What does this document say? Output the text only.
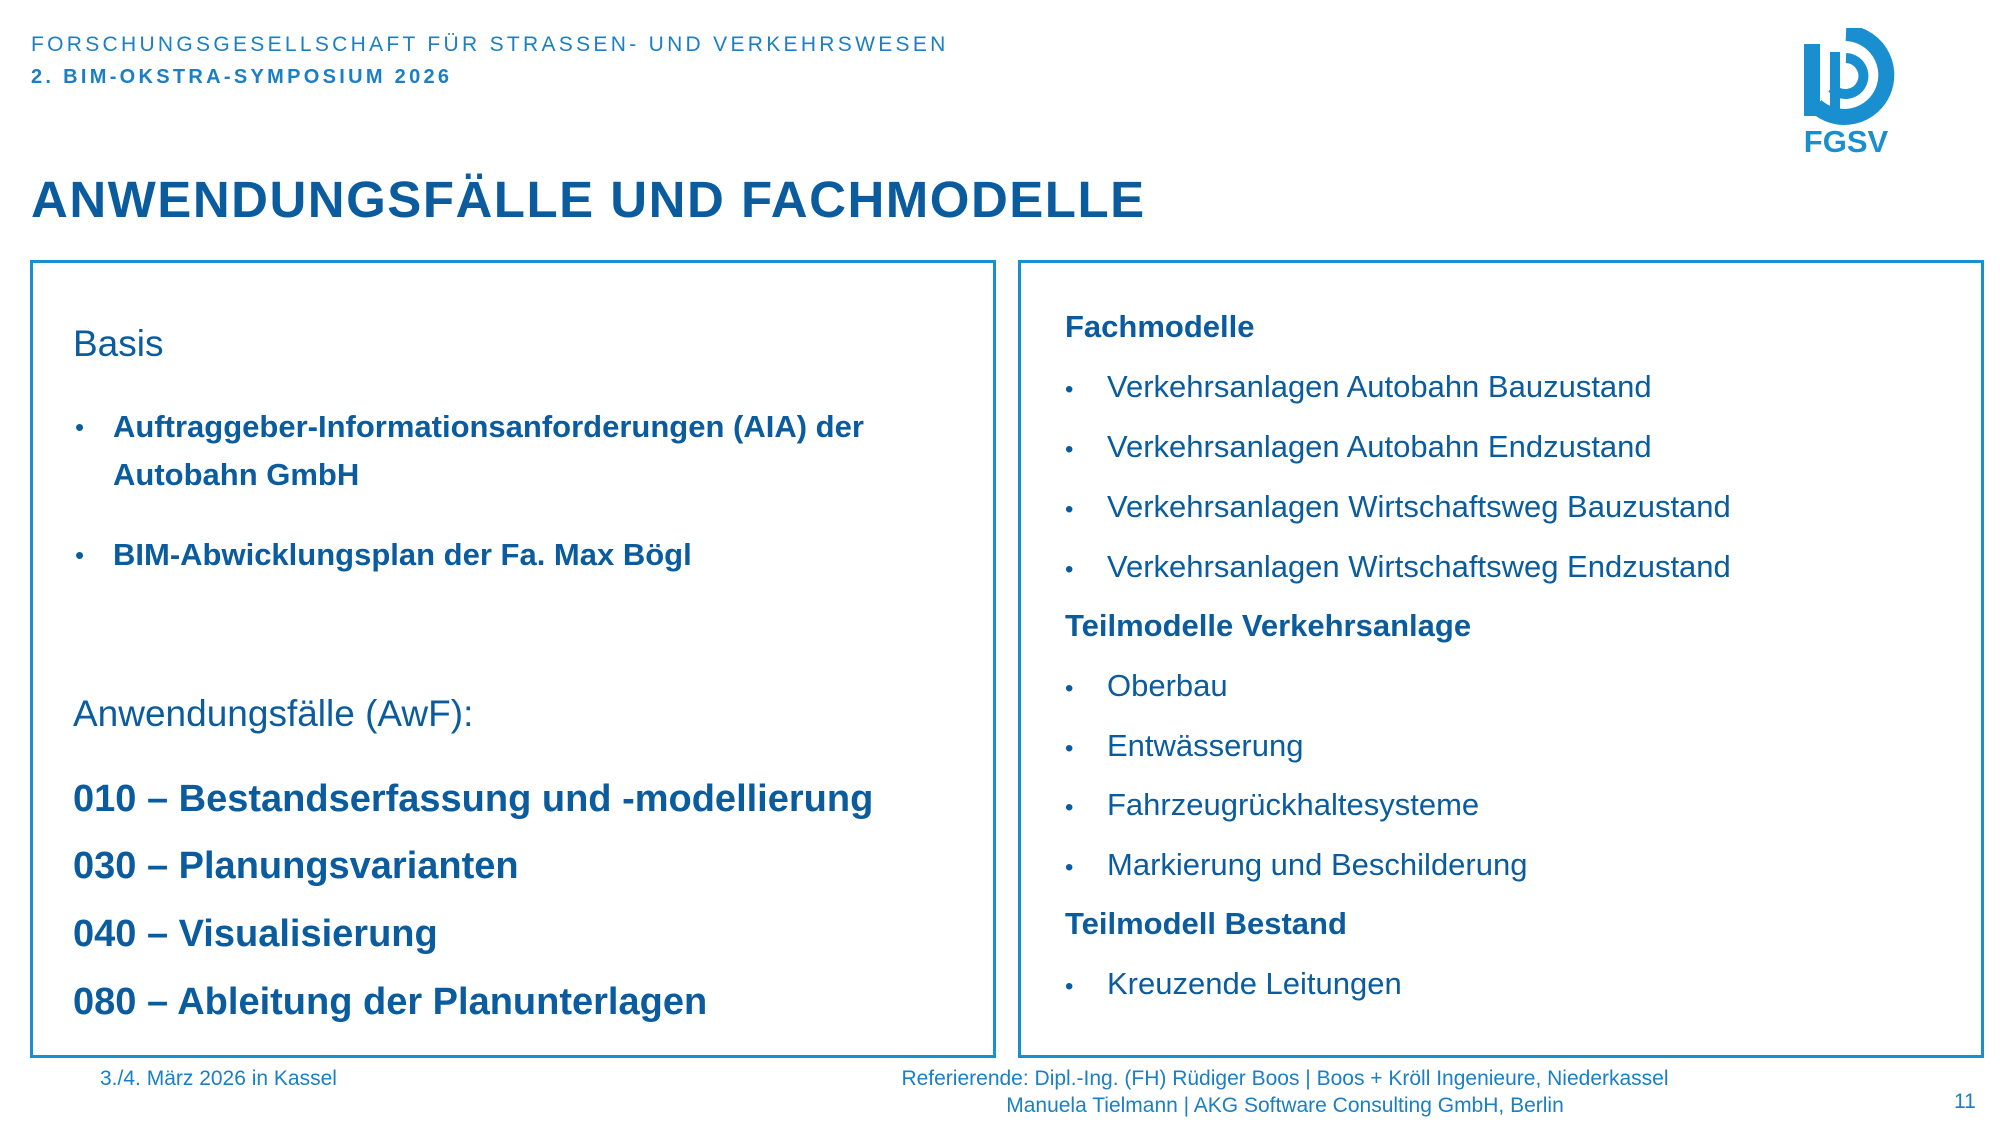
FORSCHUNGSGESELLSCHAFT FÜR STRASSEN- UND VERKEHRSWESEN
2. BIM-OKSTRA-SYMPOSIUM 2026
FGSV
ANWENDUNGSFÄLLE UND FACHMODELLE
Basis
• Auftraggeber-Informationsanforderungen (AIA) der Autobahn GmbH
• BIM-Abwicklungsplan der Fa. Max Bögl
Anwendungsfälle (AwF):
010 – Bestandserfassung und -modellierung
030 – Planungsvarianten
040 – Visualisierung
080 – Ableitung der Planunterlagen
Fachmodelle
• Verkehrsanlagen Autobahn Bauzustand
• Verkehrsanlagen Autobahn Endzustand
• Verkehrsanlagen Wirtschaftsweg Bauzustand
• Verkehrsanlagen Wirtschaftsweg Endzustand
Teilmodelle Verkehrsanlage
• Oberbau
• Entwässerung
• Fahrzeugrückhaltesysteme
• Markierung und Beschilderung
Teilmodell Bestand
• Kreuzende Leitungen
3./4. März 2026 in Kassel	Referierende: Dipl.-Ing. (FH) Rüdiger Boos | Boos + Kröll Ingenieure, Niederkassel
Manuela Tielmann | AKG Software Consulting GmbH, Berlin	11
